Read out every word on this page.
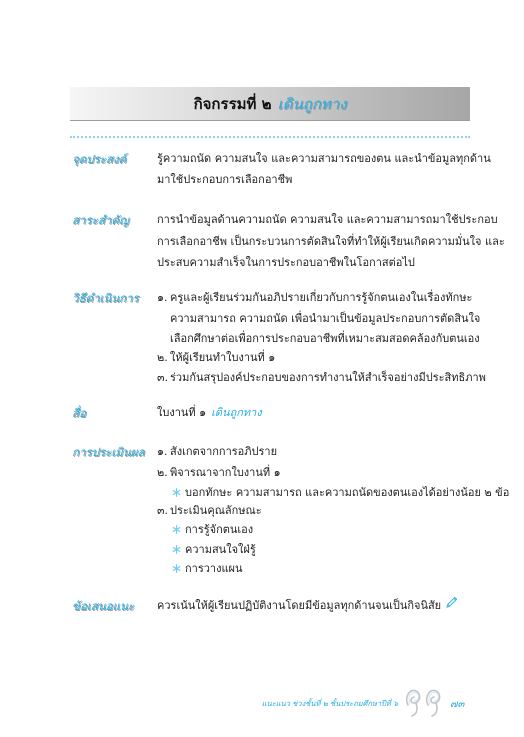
กิจกรรมที่ ๒ เดินถูกทาง
จุดประสงค์	รู้ความถนัด ความสนใจ และความสามารถของตน และนำข้อมูลทุกด้าน
มาใช้ประกอบการเลือกอาชีพ
สาระสำคัญ	การนำข้อมูลด้านความถนัด ความสนใจ และความสามารถมาใช้ประกอบ
การเลือกอาชีพ เป็นกระบวนการตัดสินใจที่ทำให้ผู้เรียนเกิดความมั่นใจ และ
ประสบความสำเร็จในการประกอบอาชีพในโอกาสต่อไป
วิธีดำเนินการ	๑. ครูและผู้เรียนร่วมกันอภิปรายเกี่ยวกับการรู้จักตนเองในเรื่องทักษะ
ความสามารถ ความถนัด เพื่อนำมาเป็นข้อมูลประกอบการตัดสินใจ
เลือกศึกษาต่อเพื่อการประกอบอาชีพที่เหมาะสมสอดคล้องกับตนเอง
๒. ให้ผู้เรียนทำใบงานที่ ๑
๓. ร่วมกันสรุปองค์ประกอบของการทำงานให้สำเร็จอย่างมีประสิทธิภาพ
สื่อ	ใบงานที่ ๑ เดินถูกทาง
การประเมินผล	๑. สังเกตจากการอภิปราย
๒. พิจารณาจากใบงานที่ ๑
บอกทักษะ ความสามารถ และความถนัดของตนเองได้อย่างน้อย ๒ ข้อ
๓. ประเมินคุณลักษณะ
การรู้จักตนเอง
ความสนใจใฝ่รู้
การวางแผน
ข้อเสนอแนะ	ควรเน้นให้ผู้เรียนปฏิบัติงานโดยมีข้อมูลทุกด้านจนเป็นกิจนิสัย
แนะแนว ช่วงชั้นที่ ๒ ชั้นประถมศึกษาปีที่ ๖	๗๓
